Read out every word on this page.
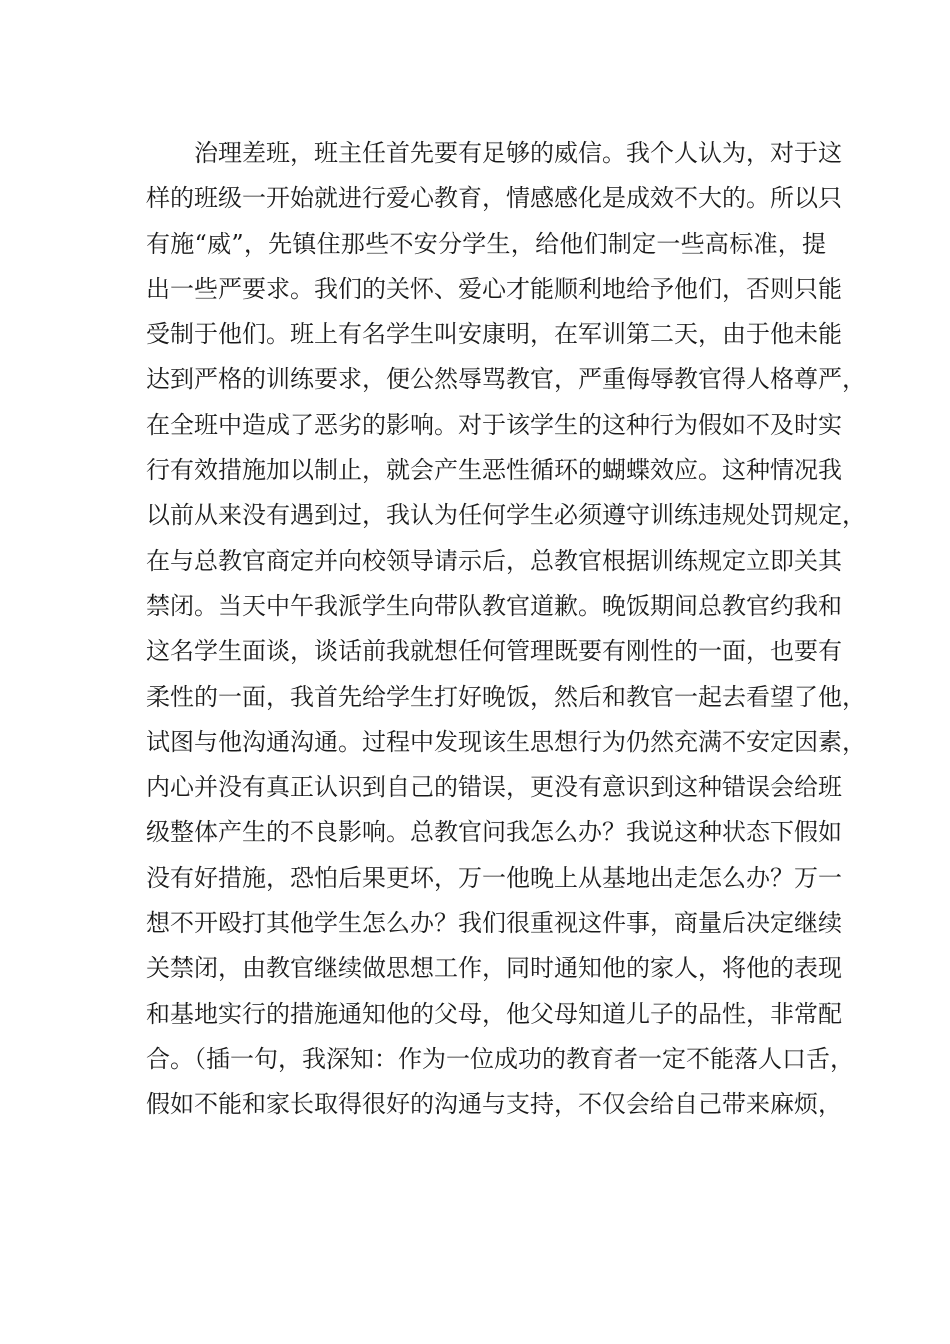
治理差班，班主任首先要有足够的威信。我个人认为，对于这
样的班级一开始就进行爱心教育，情感感化是成效不大的。所以只
有施“威”，先镇住那些不安分学生，给他们制定一些高标准，提
出一些严要求。我们的关怀、爱心才能顺利地给予他们，否则只能
受制于他们。班上有名学生叫安康明，在军训第二天，由于他未能
达到严格的训练要求，便公然辱骂教官，严重侮辱教官得人格尊严，
在全班中造成了恶劣的影响。对于该学生的这种行为假如不及时实
行有效措施加以制止，就会产生恶性循环的蝴蝶效应。这种情况我
以前从来没有遇到过，我认为任何学生必须遵守训练违规处罚规定，
在与总教官商定并向校领导请示后，总教官根据训练规定立即关其
禁闭。当天中午我派学生向带队教官道歉。晚饭期间总教官约我和
这名学生面谈，谈话前我就想任何管理既要有刚性的一面，也要有
柔性的一面，我首先给学生打好晚饭，然后和教官一起去看望了他，
试图与他沟通沟通。过程中发现该生思想行为仍然充满不安定因素，
内心并没有真正认识到自己的错误，更没有意识到这种错误会给班
级整体产生的不良影响。总教官问我怎么办？我说这种状态下假如
没有好措施，恐怕后果更坏，万一他晚上从基地出走怎么办？万一
想不开殴打其他学生怎么办？我们很重视这件事，商量后决定继续
关禁闭，由教官继续做思想工作，同时通知他的家人，将他的表现
和基地实行的措施通知他的父母，他父母知道儿子的品性，非常配
合。（插一句，我深知：作为一位成功的教育者一定不能落人口舌，
假如不能和家长取得很好的沟通与支持，不仅会给自己带来麻烦，
